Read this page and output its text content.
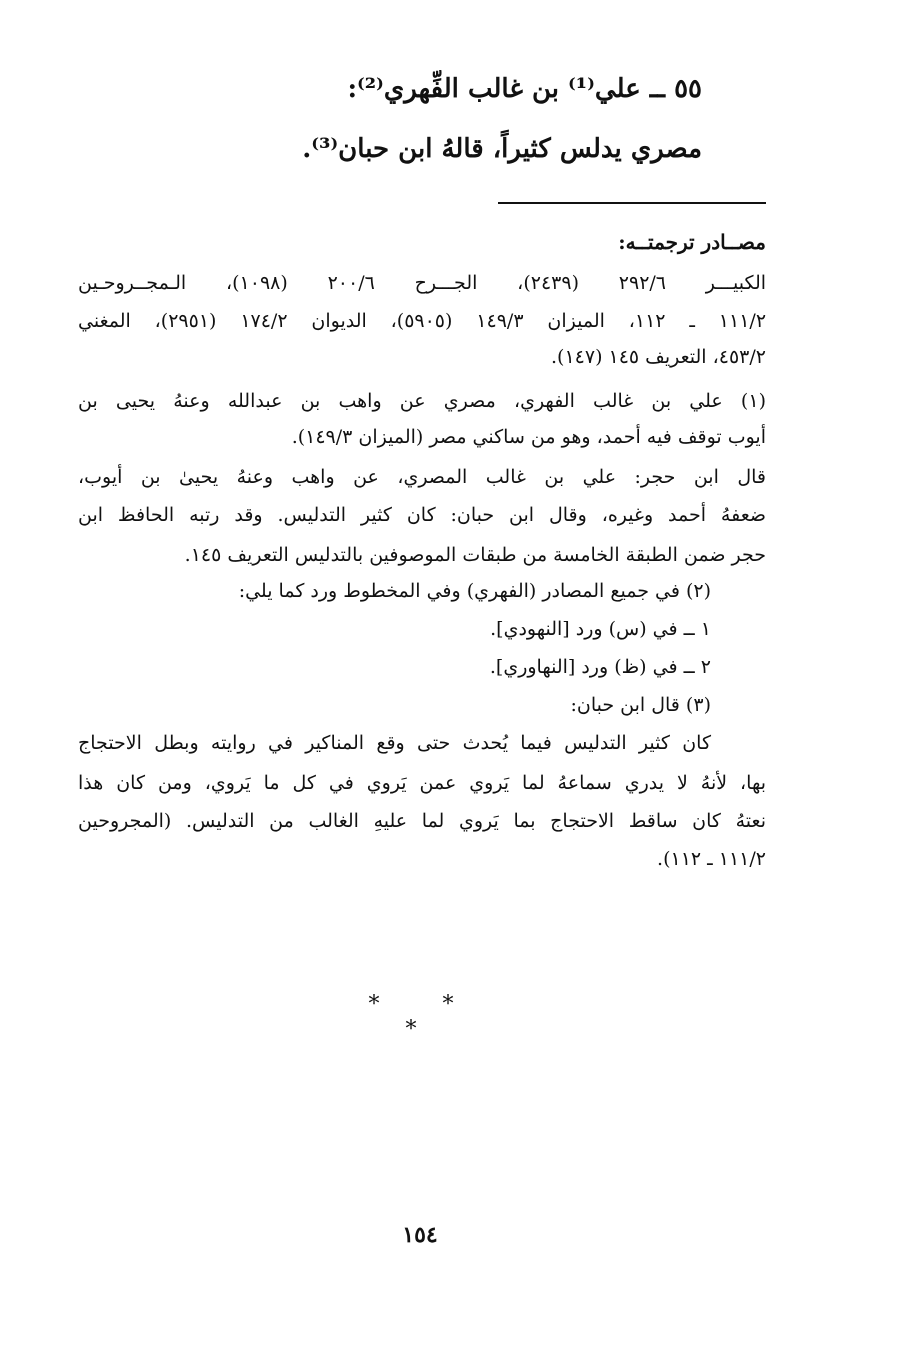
٥٥ ــ علي⁽¹⁾ بن غالب الفِّهري⁽²⁾:
مصري يدلس كثيراً، قالهُ ابن حبان⁽³⁾.
مصــادر ترجمتــه:
الكبيـــر ٢٩٢/٦ (٢٤٣٩)، الجـــرح ٢٠٠/٦ (١٠٩٨)، الـمجــروحـين
١١١/٢ ـ ١١٢، الميزان ١٤٩/٣ (٥٩٠٥)، الديوان ١٧٤/٢ (٢٩٥١)، المغني
٤٥٣/٢، التعريف ١٤٥ (١٤٧).
(١) علي بن غالب الفهري، مصري عن واهب بن عبدالله وعنهُ يحيى بن
أيوب توقف فيه أحمد، وهو من ساكني مصر (الميزان ١٤٩/٣).
قال ابن حجر: علي بن غالب المصري، عن واهب وعنهُ يحيىٰ بن أيوب،
ضعفهُ أحمد وغيره، وقال ابن حبان: كان كثير التدليس. وقد رتبه الحافظ ابن
حجر ضمن الطبقة الخامسة من طبقات الموصوفين بالتدليس التعريف ١٤٥.
(٢) في جميع المصادر (الفهري) وفي المخطوط ورد كما يلي:
١ ــ في (س) ورد [النهودي].
٢ ــ في (ظ) ورد [النهاوري].
(٣) قال ابن حبان:
كان كثير التدليس فيما يُحدث حتى وقع المناكير في روايته وبطل الاحتجاج
بها، لأنهُ لا يدري سماعهُ لما يَروي عمن يَروي في كل ما يَروي، ومن كان هذا
نعتهُ كان ساقط الاحتجاج بما يَروي لما عليهِ الغالب من التدليس. (المجروحين
١١١/٢ ـ ١١٢).
* * *
١٥٤
